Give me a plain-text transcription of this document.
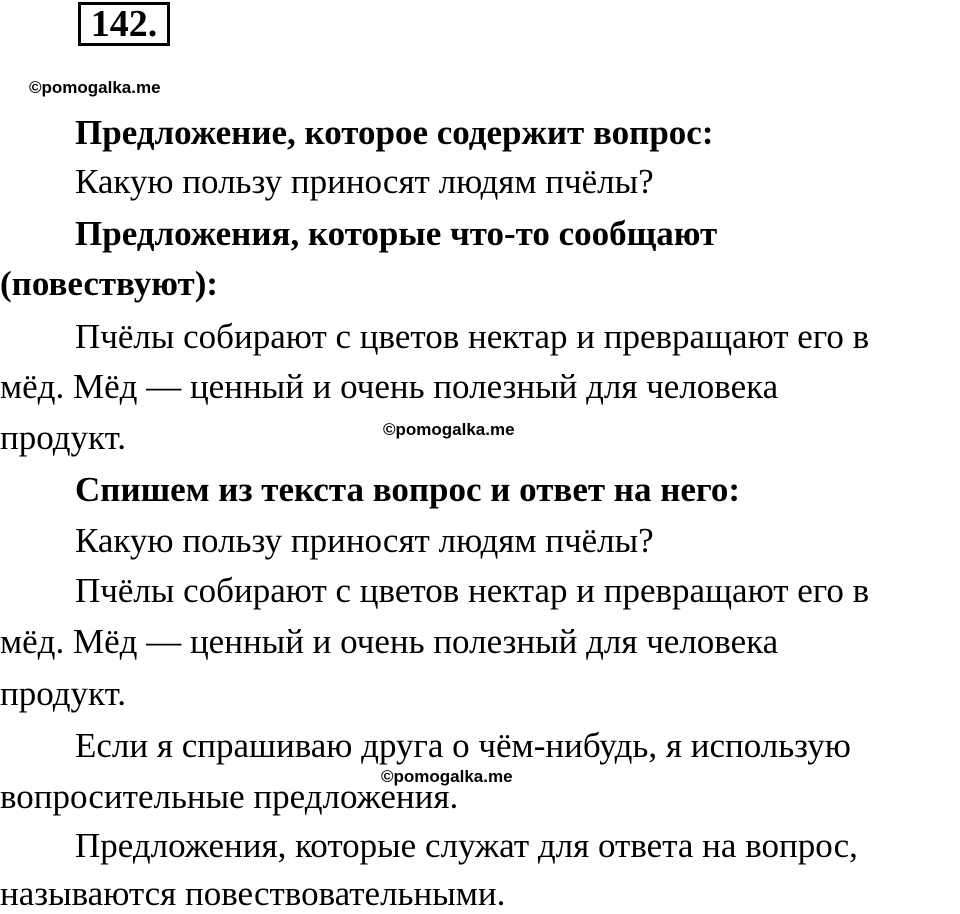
142.
©pomogalka.me
Предложение, которое содержит вопрос:
Какую пользу приносят людям пчёлы?
Предложения, которые что-то сообщают
(повествуют):
Пчёлы собирают с цветов нектар и превращают его в
мёд. Мёд — ценный и очень полезный для человека
продукт.	©pomogalka.me
Спишем из текста вопрос и ответ на него:
Какую пользу приносят людям пчёлы?
Пчёлы собирают с цветов нектар и превращают его в
мёд. Мёд — ценный и очень полезный для человека
продукт.
Если я спрашиваю друга о чём-нибудь, я использую
©pomogalka.me
вопросительные предложения.
Предложения, которые служат для ответа на вопрос,
называются повествовательными.
